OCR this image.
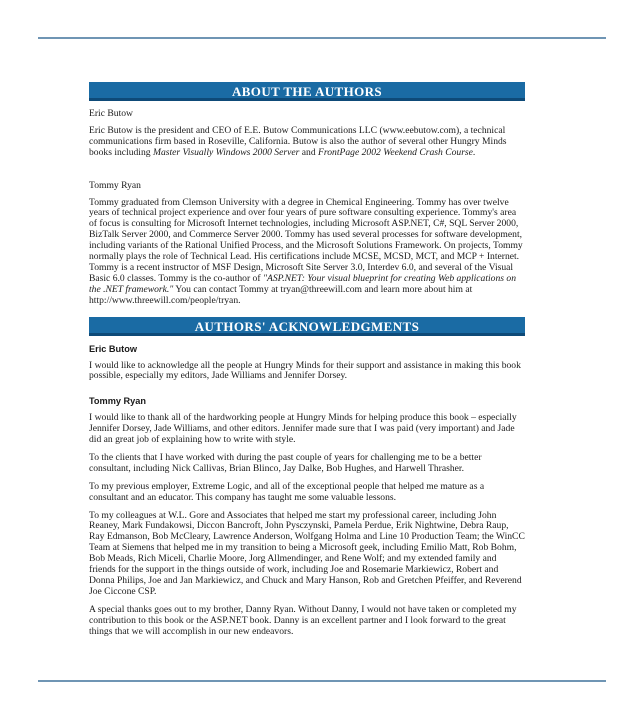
ABOUT THE AUTHORS

Eric Butow

Eric Butow is the president and CEO of E.E. Butow Communications LLC (www.eebutow.com), a technical communications firm based in Roseville, California. Butow is also the author of several other Hungry Minds books including Master Visually Windows 2000 Server and FrontPage 2002 Weekend Crash Course.

Tommy Ryan

Tommy graduated from Clemson University with a degree in Chemical Engineering. Tommy has over twelve years of technical project experience and over four years of pure software consulting experience. Tommy's area of focus is consulting for Microsoft Internet technologies, including Microsoft ASP.NET, C#, SQL Server 2000, BizTalk Server 2000, and Commerce Server 2000. Tommy has used several processes for software development, including variants of the Rational Unified Process, and the Microsoft Solutions Framework. On projects, Tommy normally plays the role of Technical Lead. His certifications include MCSE, MCSD, MCT, and MCP + Internet. Tommy is a recent instructor of MSF Design, Microsoft Site Server 3.0, Interdev 6.0, and several of the Visual Basic 6.0 classes. Tommy is the co-author of "ASP.NET: Your visual blueprint for creating Web applications on the .NET framework." You can contact Tommy at tryan@threewill.com and learn more about him at http://www.threewill.com/people/tryan.

AUTHORS' ACKNOWLEDGMENTS

Eric Butow

I would like to acknowledge all the people at Hungry Minds for their support and assistance in making this book possible, especially my editors, Jade Williams and Jennifer Dorsey.

Tommy Ryan

I would like to thank all of the hardworking people at Hungry Minds for helping produce this book – especially Jennifer Dorsey, Jade Williams, and other editors. Jennifer made sure that I was paid (very important) and Jade did an great job of explaining how to write with style.

To the clients that I have worked with during the past couple of years for challenging me to be a better consultant, including Nick Callivas, Brian Blinco, Jay Dalke, Bob Hughes, and Harwell Thrasher.

To my previous employer, Extreme Logic, and all of the exceptional people that helped me mature as a consultant and an educator. This company has taught me some valuable lessons.

To my colleagues at W.L. Gore and Associates that helped me start my professional career, including John Reaney, Mark Fundakowsi, Diccon Bancroft, John Pysczynski, Pamela Perdue, Erik Nightwine, Debra Raup, Ray Edmanson, Bob McCleary, Lawrence Anderson, Wolfgang Holma and Line 10 Production Team; the WinCC Team at Siemens that helped me in my transition to being a Microsoft geek, including Emilio Matt, Rob Bohm, Bob Meads, Rich Miceli, Charlie Moore, Jorg Allmendinger, and Rene Wolf; and my extended family and friends for the support in the things outside of work, including Joe and Rosemarie Markiewicz, Robert and Donna Philips, Joe and Jan Markiewicz, and Chuck and Mary Hanson, Rob and Gretchen Pfeiffer, and Reverend Joe Ciccone CSP.

A special thanks goes out to my brother, Danny Ryan. Without Danny, I would not have taken or completed my contribution to this book or the ASP.NET book. Danny is an excellent partner and I look forward to the great things that we will accomplish in our new endeavors.
